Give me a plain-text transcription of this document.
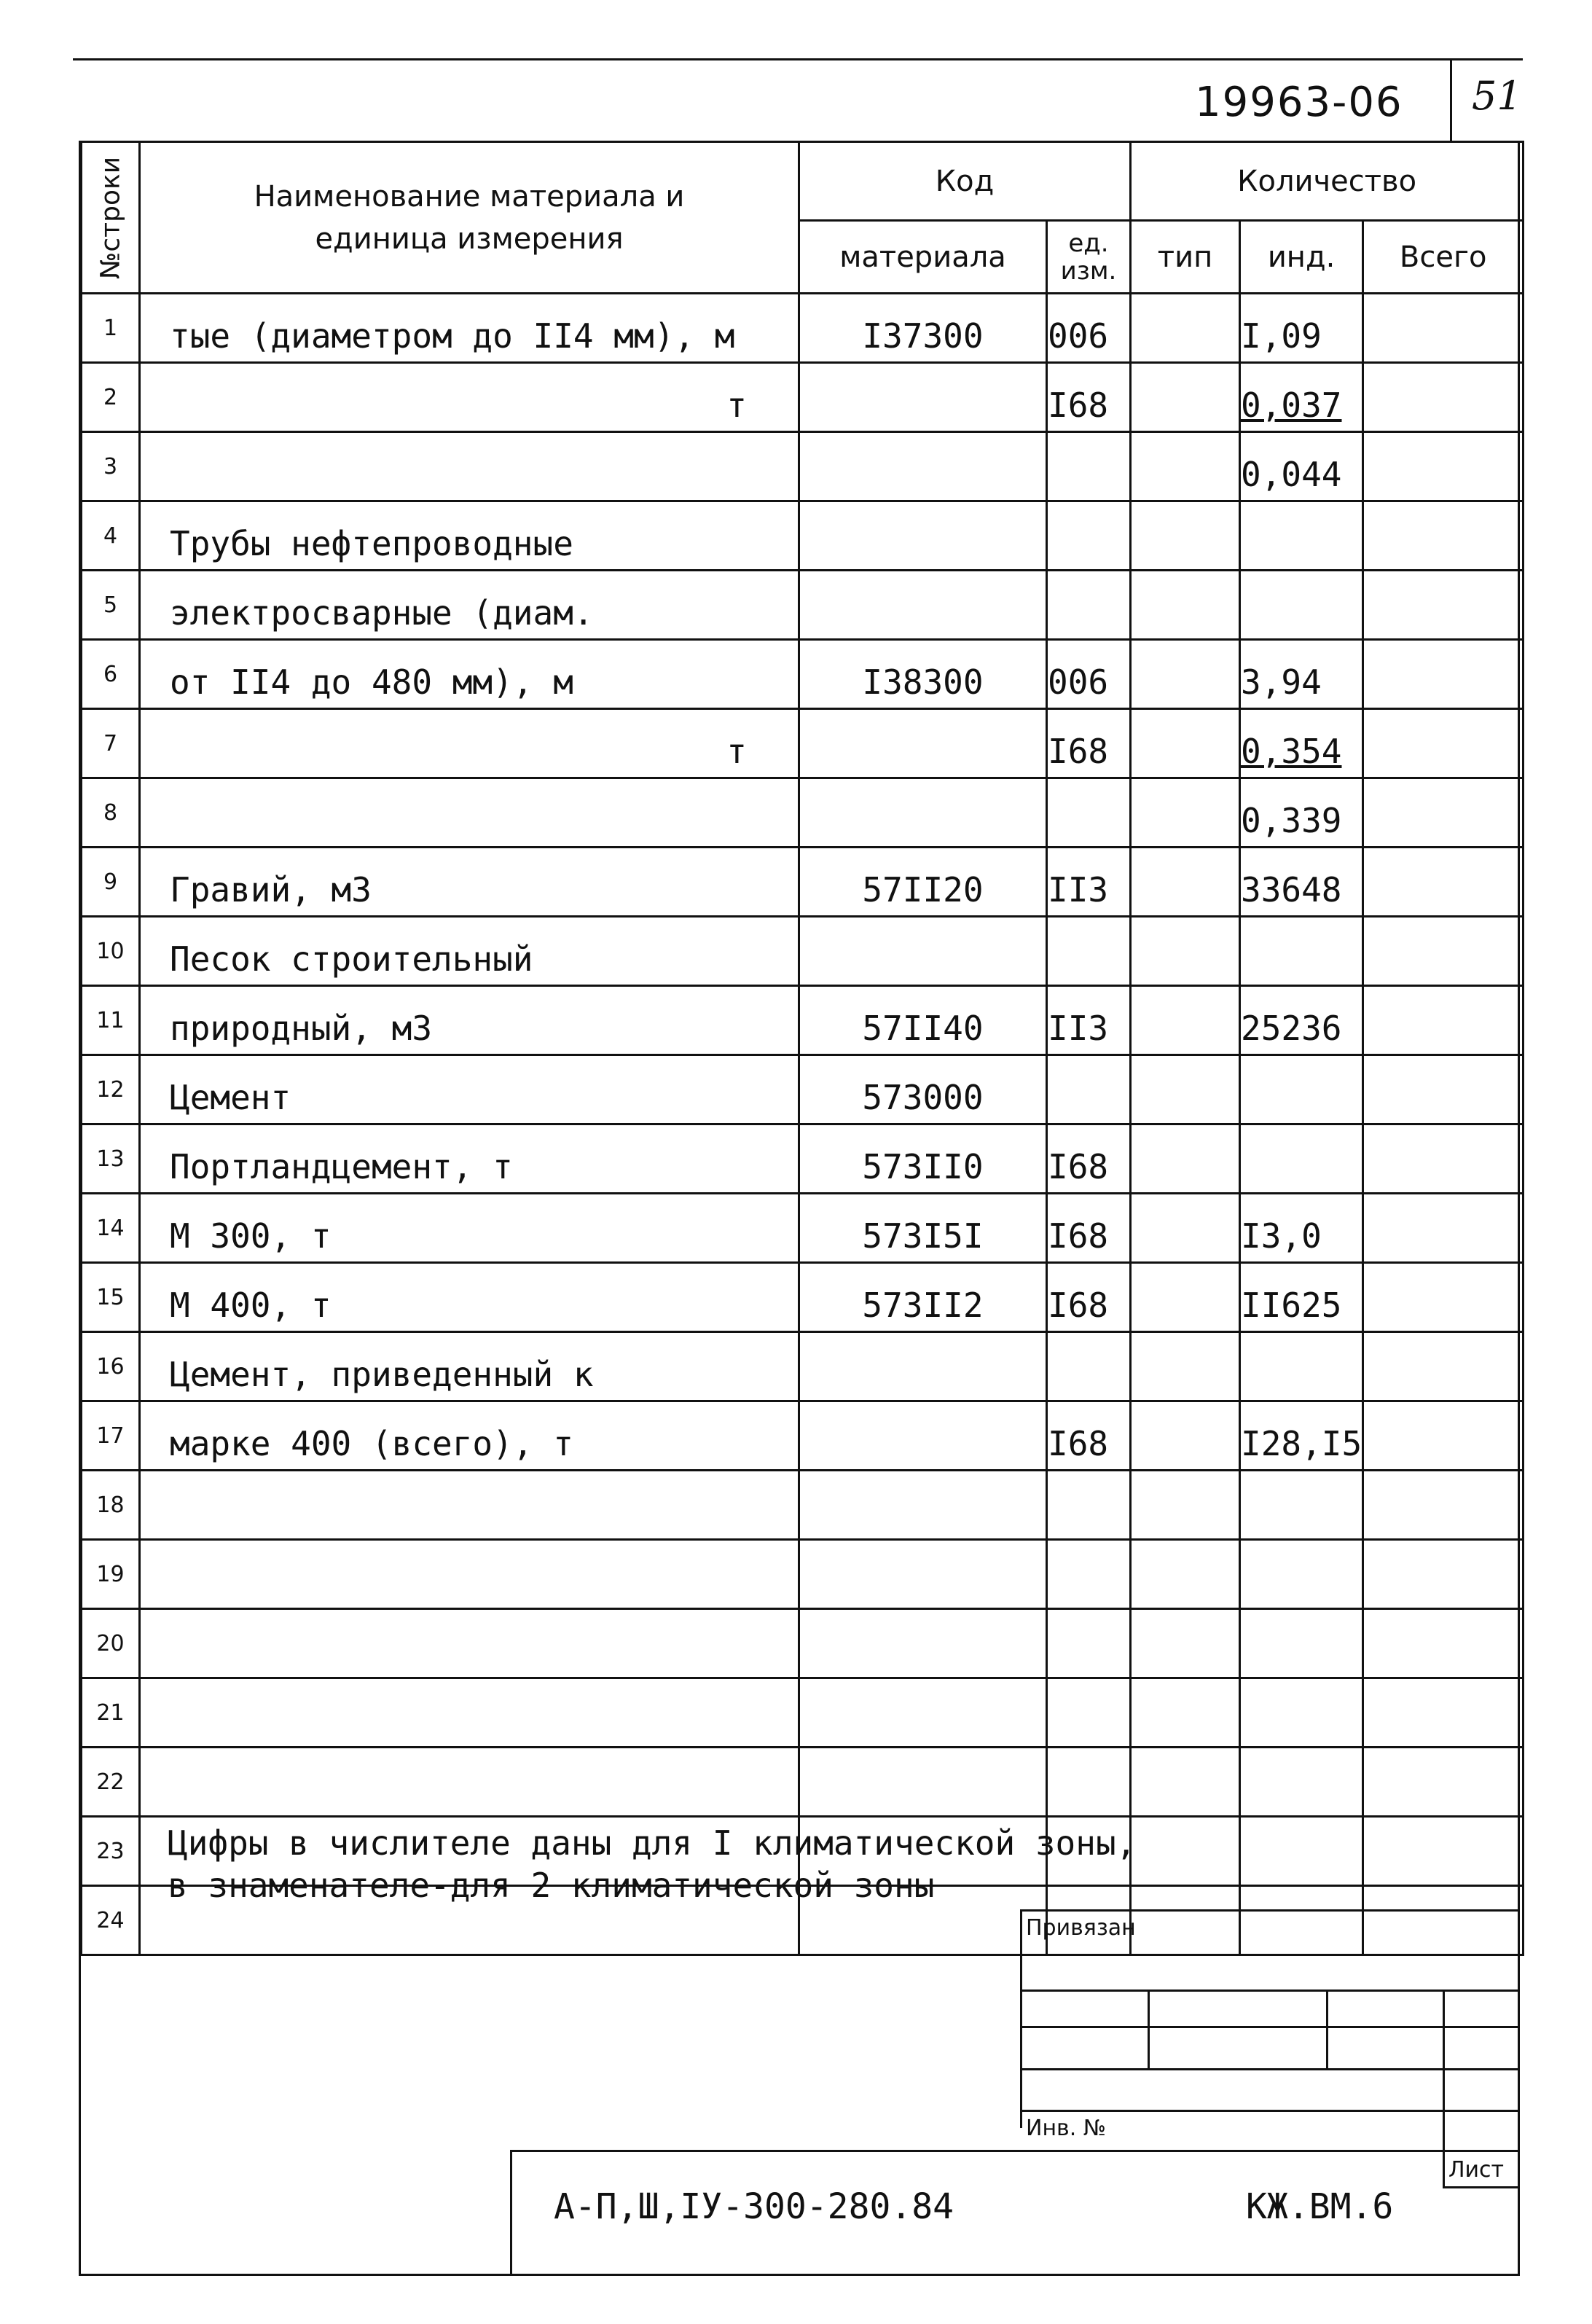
19963-06 51
№строки	Наименование материала и единица измерения	Код		Количество		
		материала	ед. изм.	тип	инд.	Всего
1	тые (диаметром до II4 мм), м	I37300	006		I,09	
2	т		I68		0,037	
3					0,044	
4	Трубы нефтепроводные					
5	электросварные (диам.					
6	от II4 до 480 мм), м	I38300	006		3,94	
7	т		I68		0,354	
8					0,339	
9	Гравий, м3	57II20	II3		33648	
10	Песок строительный					
11	природный, м3	57II40	II3		25236	
12	Цемент	573000				
13	Портландцемент, т	573II0	I68			
14	М 300, т	573I5I	I68		I3,0	
15	М 400, т	573II2	I68		II625	
16	Цемент, приведенный к					
17	марке 400 (всего), т		I68		I28,I5	
18						
19						
20						
21						
22						
23						
24						
Цифры в числителе даны для I климатической зоны,
в знаменателе-для 2 климатической зоны
Привязан
Инв. №
Лист
А-П,Ш,IУ-300-280.84	КЖ.ВМ.6
